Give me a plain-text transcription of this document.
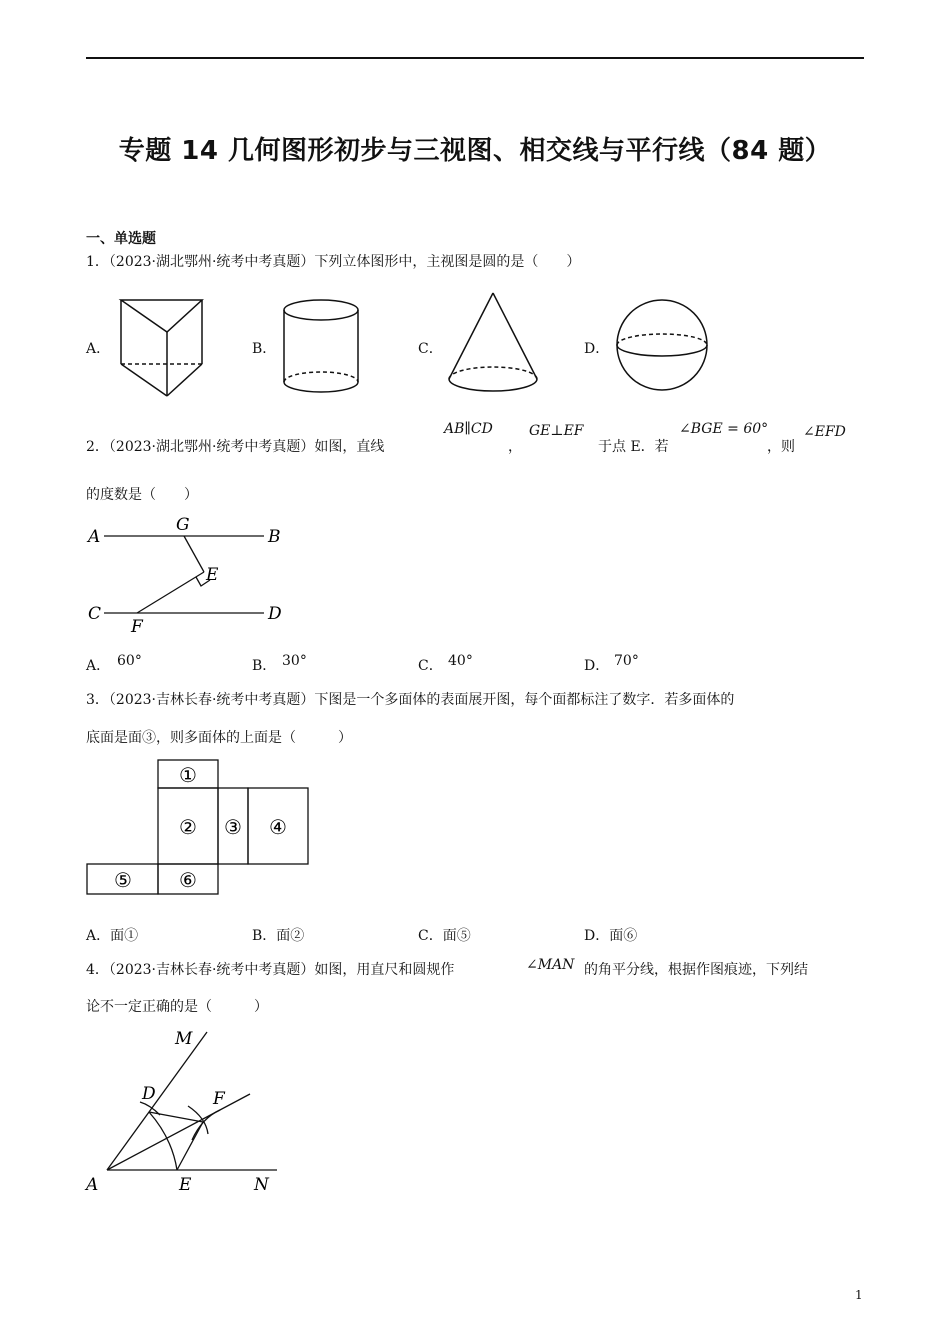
专题 14 几何图形初步与三视图、相交线与平行线（84 题）
一、单选题
1．（2023·湖北鄂州·统考中考真题）下列立体图形中，主视图是圆的是（　　）
A．	B．	C．	D．
2．（2023·湖北鄂州·统考中考真题）如图，直线
AB∥CD
，
GE⊥EF
于点 E．若
∠BGE = 60°
，则
∠EFD
的度数是（　　）
A
G
B
E
C
F
D
A． 60°	B． 30°	C． 40°	D． 70°
3．（2023·吉林长春·统考中考真题）下图是一个多面体的表面展开图，每个面都标注了数字．若多面体的
底面是面③，则多面体的上面是（　　　）
①
② ③ ④
⑤ ⑥
A．面①	B．面②	C．面⑤	D．面⑥
4．（2023·吉林长春·统考中考真题）如图，用直尺和圆规作	∠MAN 的角平分线，根据作图痕迹，下列结
论不一定正确的是（　　　）
M
D	F
A	E	N
1
